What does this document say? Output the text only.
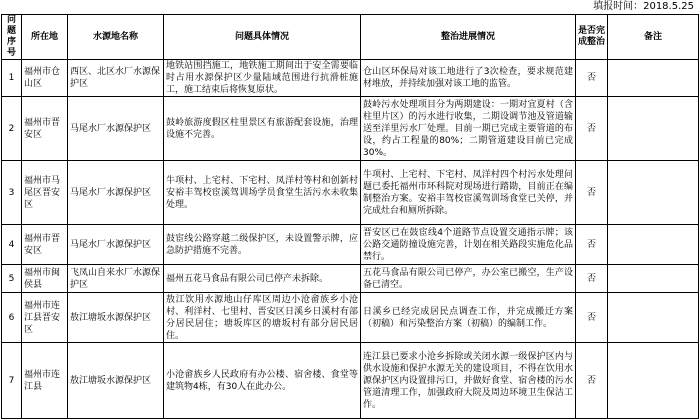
填报时间：2018.5.25
问题序号	所在地	水源地名称	问题具体情况	整治进展情况	是否完成整治	备注
1	福州市仓山区	西区、北区水厂水源保护区	地铁站围挡施工，地铁施工期间出于安全需要临时占用水源保护区少量陆域范围进行抗滑桩施工，施工结束后将恢复原状。	仓山区环保局对该工地进行了3次检查，要求规范建材堆放，并持续加强对该工地的监管。	否	
2	福州市晋安区	马尾水厂水源保护区	鼓岭旅游度假区柱里景区有旅游配套设施，治理设施不完善。	鼓岭污水处理项目分为两期建设：一期对宜夏村（含柱里片区）的污水进行收集，二期设调节池及管道输送至洋里污水厂处理。目前一期已完成主要管道的布设，约占工程量的80%；二期管道建设目前已完成30%。	否	
3	福州市马尾区晋安区	马尾水厂水源保护区	牛项村、上宅村、下宅村、凤洋村等村和创新村安裕丰驾校宦溪驾训场学员食堂生活污水未收集处理。	牛项村、上宅村、下宅村、凤洋村四个村污水处理问题已委托福州市环科院对现场进行踏勘，目前正在编制整治方案。安裕丰驾校宦溪驾训场食堂已关停，并完成灶台和厕所拆除。	否	
4	福州市晋安区	马尾水厂水源保护区	鼓宦线公路穿越二级保护区，未设置警示牌，应急防护措施不完善。	晋安区已在鼓宦线4个道路节点设置交通指示牌；该公路交通防撞设施完善，计划在相关路段实施危化品禁行。	否	
5	福州市闽侯县	飞凤山自来水厂水源保护区	福州五花马食品有限公司已停产未拆除。	五花马食品有限公司已停产，办公室已搬空，生产设备已清空。	否	
6	福州市连江县晋安区	敖江塘坂水源保护区	敖江饮用水源地山仔库区周边小沧畲族乡小沧村、利洋村、七里村、晋安区日溪乡日溪村有部分居民居住；塘坂库区的塘坂村有部分居民居住。	日溪乡已经完成居民点调查工作，并完成搬迁方案（初稿）和污染整治方案（初稿）的编制工作。	否	
7	福州市连江县	敖江塘坂水源保护区	小沧畲族乡人民政府有办公楼、宿舍楼、食堂等建筑物4栋，有30人在此办公。	连江县已要求小沧乡拆除或关闭水源一级保护区内与供水设施和保护水源无关的建设项目，不得在饮用水源保护区内设置排污口，并做好食堂、宿舍楼的污水管道清理工作，加强政府大院及周边环境卫生保洁工作。	否	
